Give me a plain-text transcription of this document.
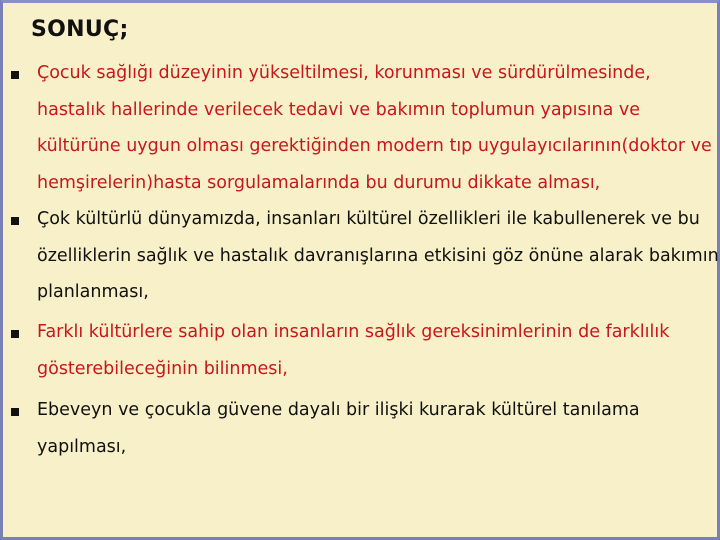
SONUÇ;
Çocuk sağlığı düzeyinin yükseltilmesi, korunması ve sürdürülmesinde,
hastalık hallerinde verilecek tedavi ve bakımın toplumun yapısına ve
kültürüne uygun olması gerektiğinden modern tıp uygulayıcılarının(doktor ve
hemşirelerin)hasta sorgulamalarında bu durumu dikkate alması,
Çok kültürlü dünyamızda, insanları kültürel özellikleri ile kabullenerek ve bu
özelliklerin sağlık ve hastalık davranışlarına etkisini göz önüne alarak bakımın
planlanması,
Farklı kültürlere sahip olan insanların sağlık gereksinimlerinin de farklılık
gösterebileceğinin bilinmesi,
Ebeveyn ve çocukla güvene dayalı bir ilişki kurarak kültürel tanılama
yapılması,
